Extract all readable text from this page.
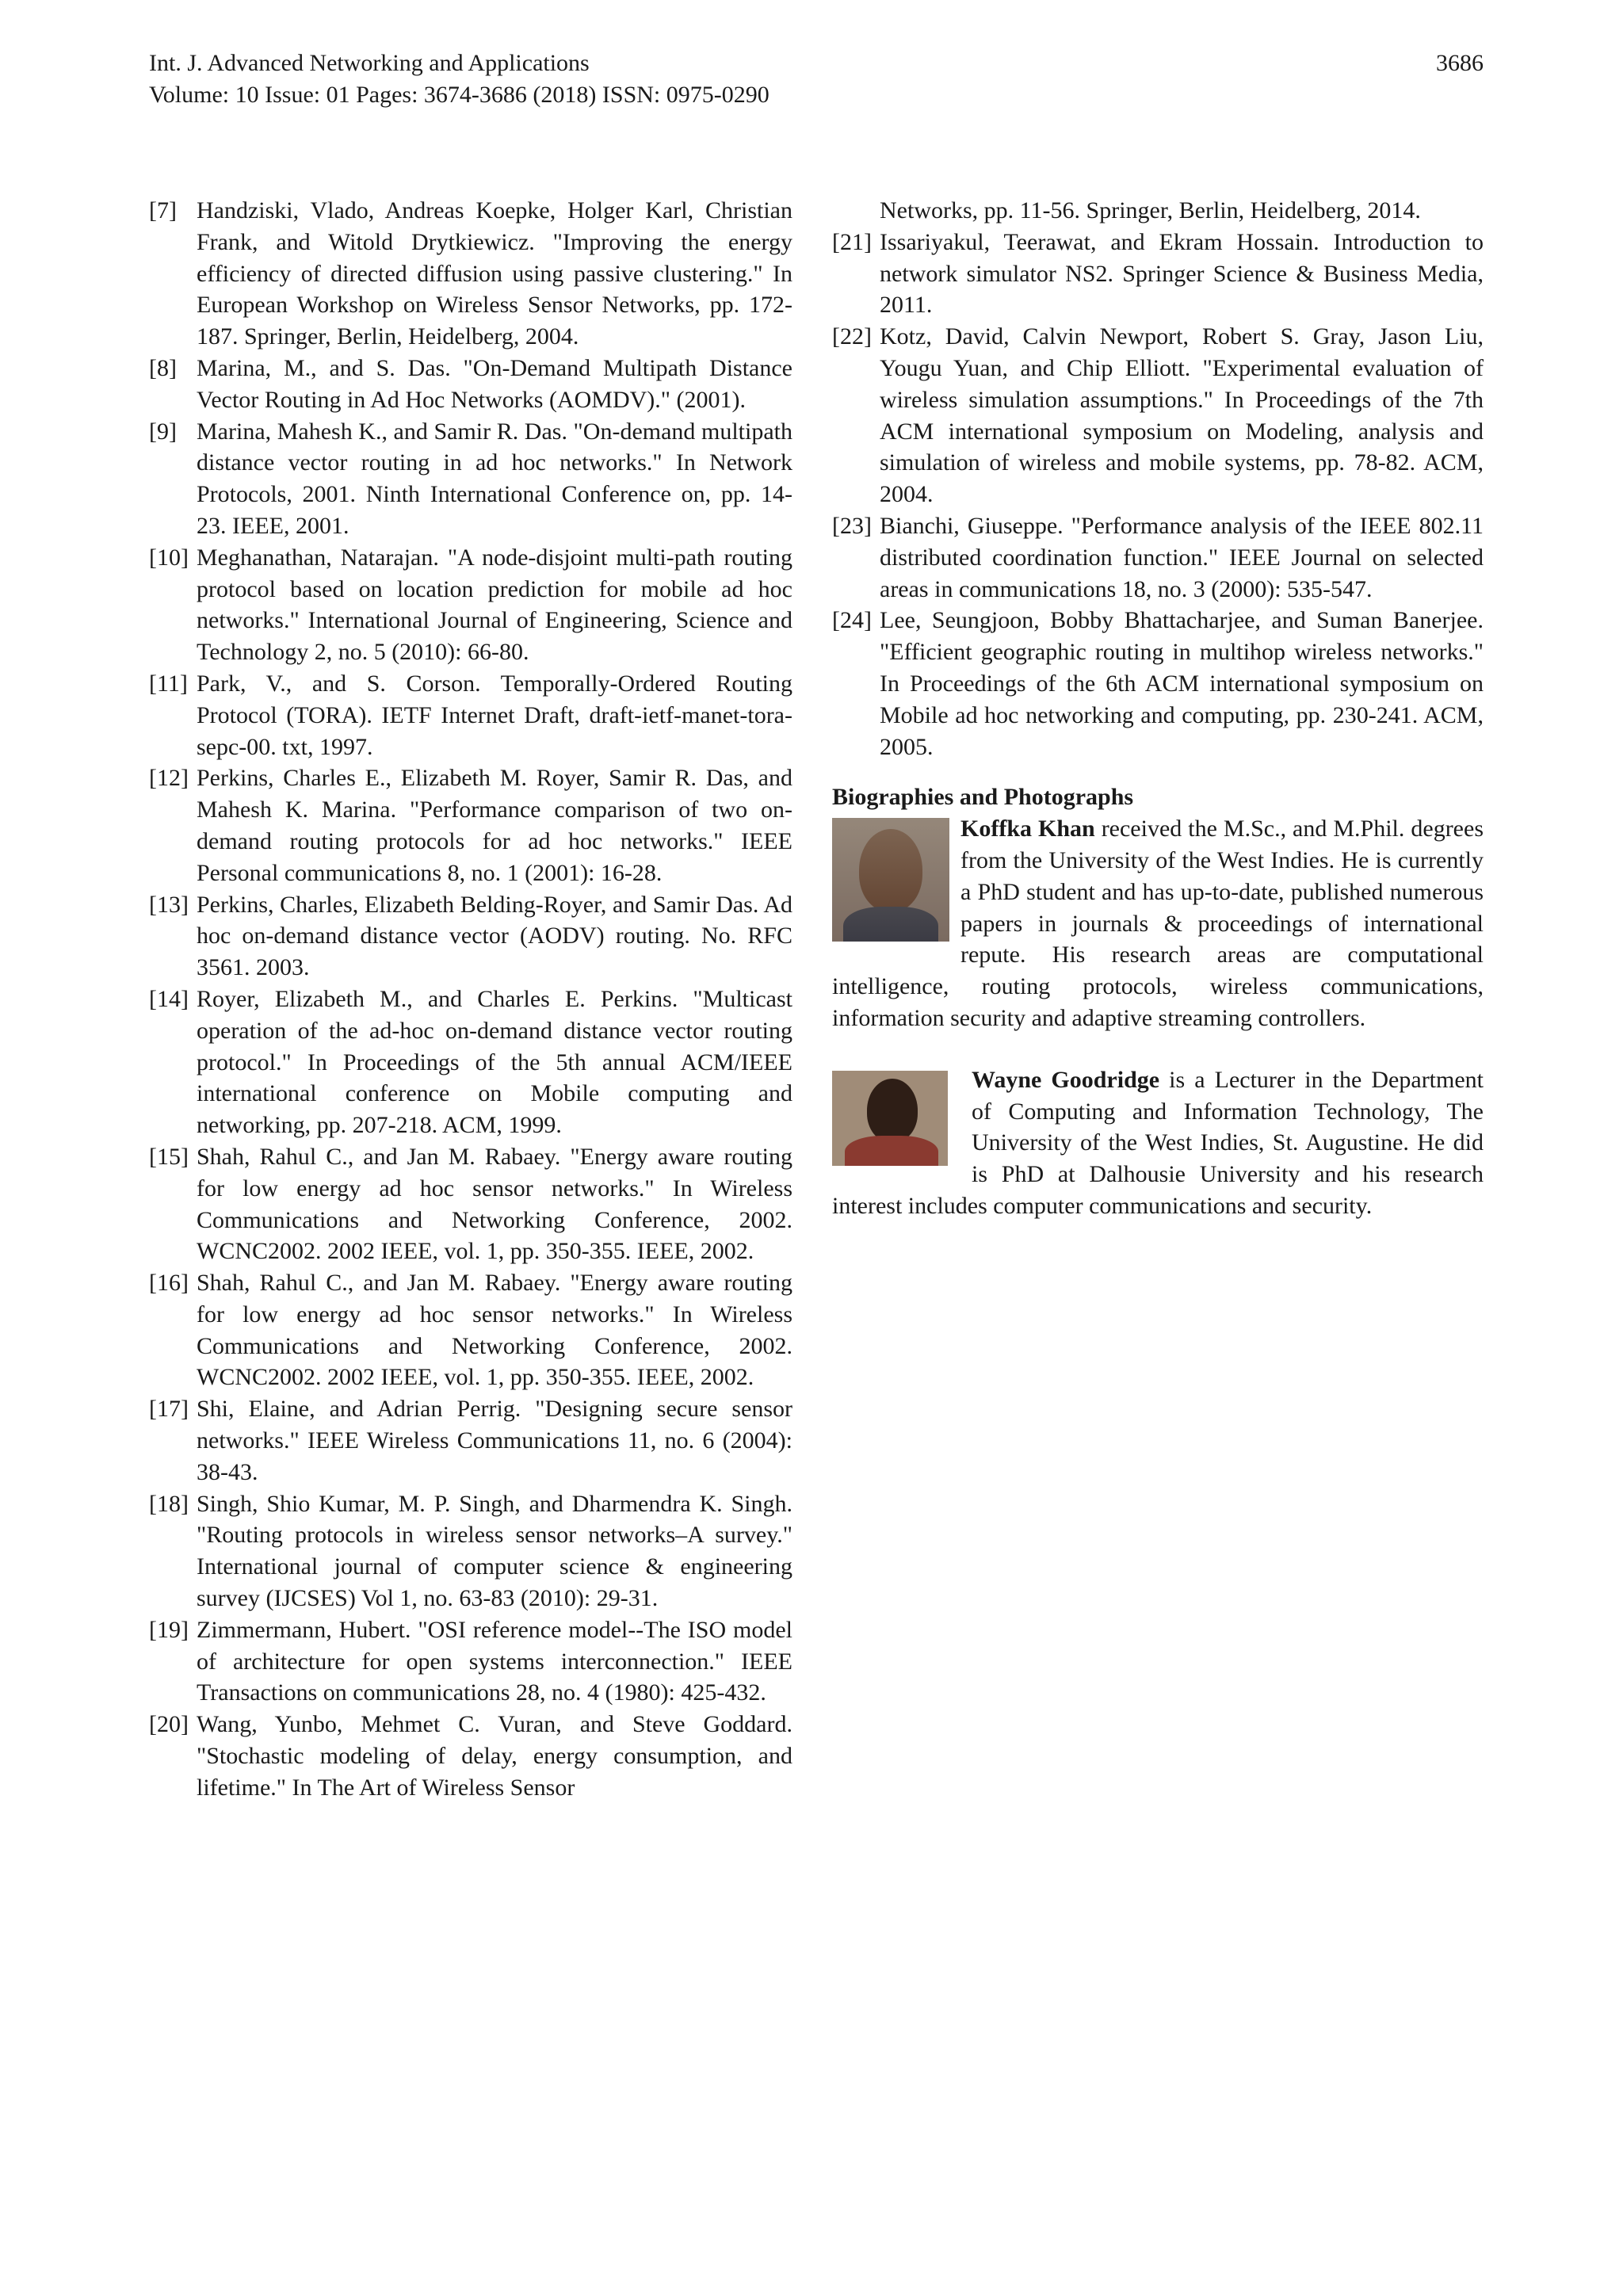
Int. J. Advanced Networking and Applications
Volume: 10 Issue: 01 Pages: 3674-3686 (2018) ISSN: 0975-0290
3686
[7] Handziski, Vlado, Andreas Koepke, Holger Karl, Christian Frank, and Witold Drytkiewicz. "Improving the energy efficiency of directed diffusion using passive clustering." In European Workshop on Wireless Sensor Networks, pp. 172-187. Springer, Berlin, Heidelberg, 2004.
[8] Marina, M., and S. Das. "On-Demand Multipath Distance Vector Routing in Ad Hoc Networks (AOMDV)." (2001).
[9] Marina, Mahesh K., and Samir R. Das. "On-demand multipath distance vector routing in ad hoc networks." In Network Protocols, 2001. Ninth International Conference on, pp. 14-23. IEEE, 2001.
[10] Meghanathan, Natarajan. "A node-disjoint multi-path routing protocol based on location prediction for mobile ad hoc networks." International Journal of Engineering, Science and Technology 2, no. 5 (2010): 66-80.
[11] Park, V., and S. Corson. Temporally-Ordered Routing Protocol (TORA). IETF Internet Draft, draft-ietf-manet-tora-sepc-00. txt, 1997.
[12] Perkins, Charles E., Elizabeth M. Royer, Samir R. Das, and Mahesh K. Marina. "Performance comparison of two on-demand routing protocols for ad hoc networks." IEEE Personal communications 8, no. 1 (2001): 16-28.
[13] Perkins, Charles, Elizabeth Belding-Royer, and Samir Das. Ad hoc on-demand distance vector (AODV) routing. No. RFC 3561. 2003.
[14] Royer, Elizabeth M., and Charles E. Perkins. "Multicast operation of the ad-hoc on-demand distance vector routing protocol." In Proceedings of the 5th annual ACM/IEEE international conference on Mobile computing and networking, pp. 207-218. ACM, 1999.
[15] Shah, Rahul C., and Jan M. Rabaey. "Energy aware routing for low energy ad hoc sensor networks." In Wireless Communications and Networking Conference, 2002. WCNC2002. 2002 IEEE, vol. 1, pp. 350-355. IEEE, 2002.
[16] Shah, Rahul C., and Jan M. Rabaey. "Energy aware routing for low energy ad hoc sensor networks." In Wireless Communications and Networking Conference, 2002. WCNC2002. 2002 IEEE, vol. 1, pp. 350-355. IEEE, 2002.
[17] Shi, Elaine, and Adrian Perrig. "Designing secure sensor networks." IEEE Wireless Communications 11, no. 6 (2004): 38-43.
[18] Singh, Shio Kumar, M. P. Singh, and Dharmendra K. Singh. "Routing protocols in wireless sensor networks–A survey." International journal of computer science & engineering survey (IJCSES) Vol 1, no. 63-83 (2010): 29-31.
[19] Zimmermann, Hubert. "OSI reference model--The ISO model of architecture for open systems interconnection." IEEE Transactions on communications 28, no. 4 (1980): 425-432.
[20] Wang, Yunbo, Mehmet C. Vuran, and Steve Goddard. "Stochastic modeling of delay, energy consumption, and lifetime." In The Art of Wireless Sensor
Networks, pp. 11-56. Springer, Berlin, Heidelberg, 2014.
[21] Issariyakul, Teerawat, and Ekram Hossain. Introduction to network simulator NS2. Springer Science & Business Media, 2011.
[22] Kotz, David, Calvin Newport, Robert S. Gray, Jason Liu, Yougu Yuan, and Chip Elliott. "Experimental evaluation of wireless simulation assumptions." In Proceedings of the 7th ACM international symposium on Modeling, analysis and simulation of wireless and mobile systems, pp. 78-82. ACM, 2004.
[23] Bianchi, Giuseppe. "Performance analysis of the IEEE 802.11 distributed coordination function." IEEE Journal on selected areas in communications 18, no. 3 (2000): 535-547.
[24] Lee, Seungjoon, Bobby Bhattacharjee, and Suman Banerjee. "Efficient geographic routing in multihop wireless networks." In Proceedings of the 6th ACM international symposium on Mobile ad hoc networking and computing, pp. 230-241. ACM, 2005.
Biographies and Photographs
Koffka Khan received the M.Sc., and M.Phil. degrees from the University of the West Indies. He is currently a PhD student and has up-to-date, published numerous papers in journals & proceedings of international repute. His research areas are computational intelligence, routing protocols, wireless communications, information security and adaptive streaming controllers.
Wayne Goodridge is a Lecturer in the Department of Computing and Information Technology, The University of the West Indies, St. Augustine. He did is PhD at Dalhousie University and his research interest includes computer communications and security.
